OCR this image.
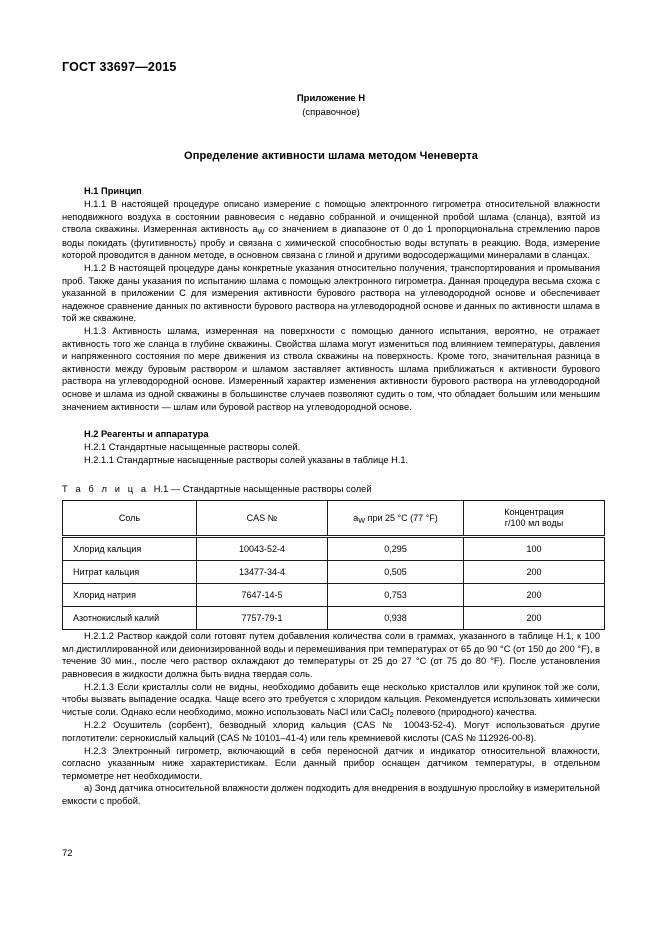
ГОСТ 33697—2015
Приложение Н
(справочное)
Определение активности шлама методом Ченеверта
Н.1 Принцип

Н.1.1 В настоящей процедуре описано измерение с помощью электронного гигрометра относительной влажности неподвижного воздуха в состоянии равновесия с недавно собранной и очищенной пробой шлама (сланца), взятой из ствола скважины. Измеренная активность $a_W$ со значением в диапазоне от 0 до 1 пропорциональна стремлению паров воды покидать (фугитивность) пробу и связана с химической способностью воды вступать в реакцию. Вода, измерение которой проводится в данном методе, в основном связана с глиной и другими водосодержащими минералами в сланцах.

Н.1.2 В настоящей процедуре даны конкретные указания относительно получения, транспортирования и промывания проб. Также даны указания по испытанию шлама с помощью электронного гигрометра. Данная процедура весьма схожа с указанной в приложении С для измерения активности бурового раствора на углеводородной основе и обеспечивает надежное сравнение данных по активности бурового раствора на углеводородной основе и данных по активности шлама в той же скважине.

Н.1.3 Активность шлама, измеренная на поверхности с помощью данного испытания, вероятно, не отражает активность того же сланца в глубине скважины. Свойства шлама могут измениться под влиянием температуры, давления и напряженного состояния по мере движения из ствола скважины на поверхность. Кроме того, значительная разница в активности между буровым раствором и шламом заставляет активность шлама приближаться к активности бурового раствора на углеводородной основе. Измеренный характер изменения активности бурового раствора на углеводородной основе и шлама из одной скважины в большинстве случаев позволяют судить о том, что обладает большим или меньшим значением активности — шлам или буровой раствор на углеводородной основе.

Н.2 Реагенты и аппаратура

Н.2.1 Стандартные насыщенные растворы солей.

Н.2.1.1 Стандартные насыщенные растворы солей указаны в таблице Н.1.

Т а б л и ц а Н.1 — Стандартные насыщенные растворы солей
Соль	CAS №	$a_W$ при 25 °С (77 °F)	Концентрация
г/100 мл воды
Хлорид кальция	10043-52-4	0,295	100
Нитрат кальция	13477-34-4	0,505	200
Хлорид натрия	7647-14-5	0,753	200
Азотнокислый калий	7757-79-1	0,938	200

Н.2.1.2 Раствор каждой соли готовят путем добавления количества соли в граммах, указанного в таблице Н.1, к 100 мл дистиллированной или деионизированной воды и перемешивания при температурах от 65 до 90 °С (от 150 до 200 °F), в течение 30 мин., после чего раствор охлаждают до температуры от 25 до 27 °С (от 75 до 80 °F). После установления равновесия в жидкости должна быть видна твердая соль.

Н.2.1.3 Если кристаллы соли не видны, необходимо добавить еще несколько кристаллов или крупинок той же соли, чтобы вызвать выпадение осадка. Чаще всего это требуется с хлоридом кальция. Рекомендуется использовать химически чистые соли. Однако если необходимо, можно использовать NaCl или CaCl$_2$ полевого (природного) качества.

Н.2.2 Осушитель (сорбент), безводный хлорид кальция (CAS № 10043-52-4). Могут использоваться другие поглотители: сернокислый кальций (CAS № 10101–41-4) или гель кремниевой кислоты (CAS № 112926-00-8).

Н.2.3 Электронный гигрометр, включающий в себя переносной датчик и индикатор относительной влажности, согласно указанным ниже характеристикам. Если данный прибор оснащен датчиком температуры, в отдельном термометре нет необходимости.

а) Зонд датчика относительной влажности должен подходить для внедрения в воздушную прослойку в измерительной емкости с пробой.

72
